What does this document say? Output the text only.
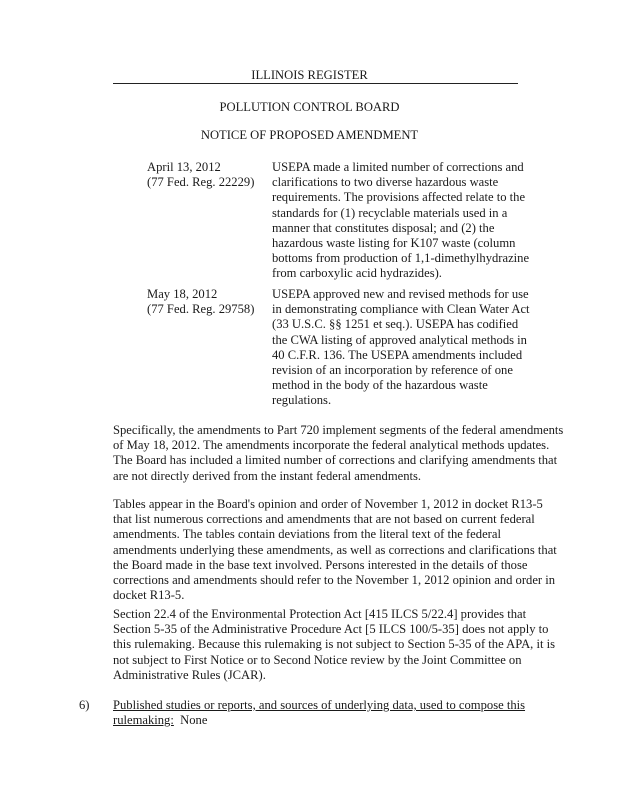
ILLINOIS REGISTER
POLLUTION CONTROL BOARD
NOTICE OF PROPOSED AMENDMENT
April 13, 2012
(77 Fed. Reg. 22229)
USEPA made a limited number of corrections and
clarifications to two diverse hazardous waste
requirements. The provisions affected relate to the
standards for (1) recyclable materials used in a
manner that constitutes disposal; and (2) the
hazardous waste listing for K107 waste (column
bottoms from production of 1,1-dimethylhydrazine
from carboxylic acid hydrazides).
May 18, 2012
(77 Fed. Reg. 29758)
USEPA approved new and revised methods for use
in demonstrating compliance with Clean Water Act
(33 U.S.C. §§ 1251 et seq.). USEPA has codified
the CWA listing of approved analytical methods in
40 C.F.R. 136. The USEPA amendments included
revision of an incorporation by reference of one
method in the body of the hazardous waste
regulations.
Specifically, the amendments to Part 720 implement segments of the federal amendments
of May 18, 2012. The amendments incorporate the federal analytical methods updates.
The Board has included a limited number of corrections and clarifying amendments that
are not directly derived from the instant federal amendments.
Tables appear in the Board's opinion and order of November 1, 2012 in docket R13-5
that list numerous corrections and amendments that are not based on current federal
amendments. The tables contain deviations from the literal text of the federal
amendments underlying these amendments, as well as corrections and clarifications that
the Board made in the base text involved. Persons interested in the details of those
corrections and amendments should refer to the November 1, 2012 opinion and order in
docket R13-5.
Section 22.4 of the Environmental Protection Act [415 ILCS 5/22.4] provides that
Section 5-35 of the Administrative Procedure Act [5 ILCS 100/5-35] does not apply to
this rulemaking. Because this rulemaking is not subject to Section 5-35 of the APA, it is
not subject to First Notice or to Second Notice review by the Joint Committee on
Administrative Rules (JCAR).
6) Published studies or reports, and sources of underlying data, used to compose this
rulemaking: None
